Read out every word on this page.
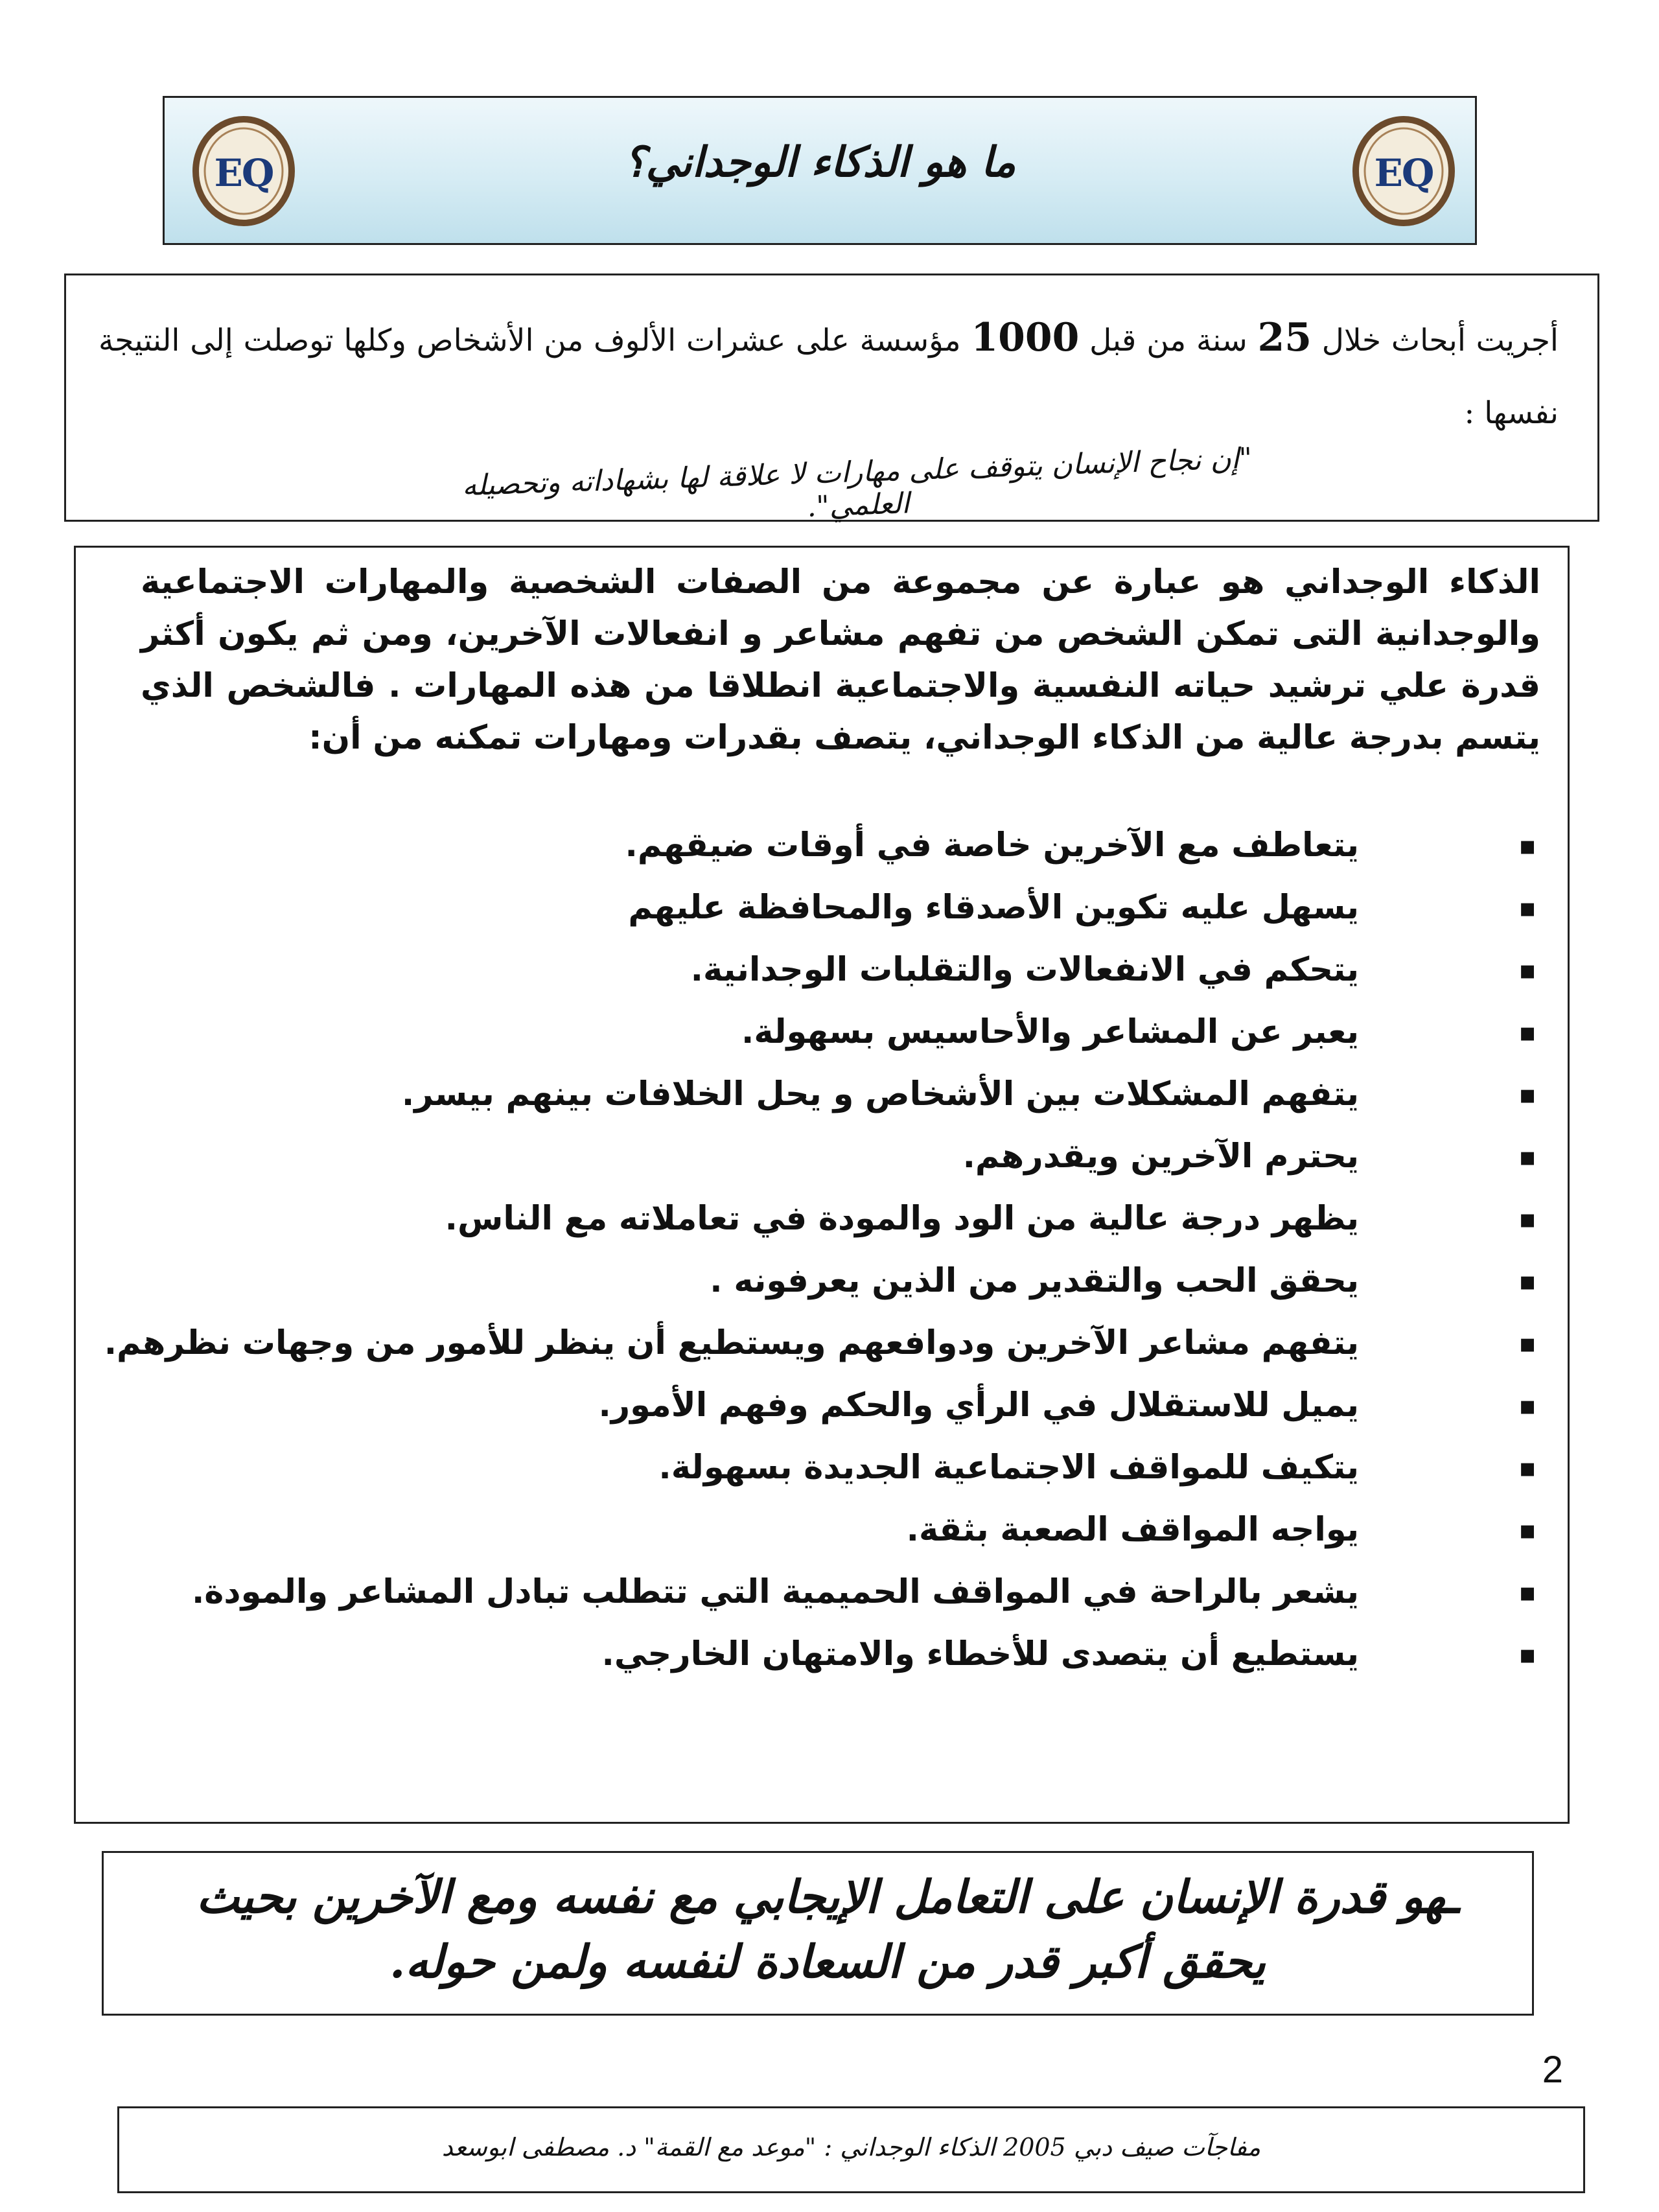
EQ	ما هو الذكاء الوجداني؟	EQ
أجريت أبحاث خلال 25 سنة من قبل 1000 مؤسسة على عشرات الألوف من الأشخاص وكلها توصلت إلى النتيجة نفسها :
"إن نجاح الإنسان يتوقف على مهارات لا علاقة لها بشهاداته وتحصيله العلمي".
الذكاء الوجداني هو عبارة عن مجموعة من الصفات الشخصية والمهارات الاجتماعية والوجدانية التى تمكن الشخص من تفهم مشاعر و انفعالات الآخرين، ومن ثم يكون أكثر قدرة علي ترشيد حياته النفسية والاجتماعية انطلاقا من هذه المهارات . فالشخص الذي يتسم بدرجة عالية من الذكاء الوجداني، يتصف بقدرات ومهارات تمكنه من أن:
▪
يتعاطف مع الآخرين خاصة في أوقات ضيقهم.
▪
يسهل عليه تكوين الأصدقاء والمحافظة عليهم
▪
يتحكم في الانفعالات والتقلبات الوجدانية.
▪
يعبر عن المشاعر والأحاسيس بسهولة.
▪
يتفهم المشكلات بين الأشخاص و يحل الخلافات بينهم بيسر.
▪
يحترم الآخرين ويقدرهم.
▪
يظهر درجة عالية من الود والمودة في تعاملاته مع الناس.
▪
يحقق الحب والتقدير من الذين يعرفونه .
▪
يتفهم مشاعر الآخرين ودوافعهم ويستطيع أن ينظر للأمور من وجهات نظرهم.
▪
يميل للاستقلال في الرأي والحكم وفهم الأمور.
▪
يتكيف للمواقف الاجتماعية الجديدة بسهولة.
▪
يواجه المواقف الصعبة بثقة.
▪
يشعر بالراحة في المواقف الحميمية التي تتطلب تبادل المشاعر والمودة.
▪
يستطيع أن يتصدى للأخطاء والامتهان الخارجي.
ـهو قدرة الإنسان على التعامل الإيجابي مع نفسه ومع الآخرين بحيث يحقق أكبر قدر من السعادة لنفسه ولمن حوله.
2
مفاجآت صيف دبي 2005 الذكاء الوجداني : "موعد مع القمة" د. مصطفى ابوسعد
